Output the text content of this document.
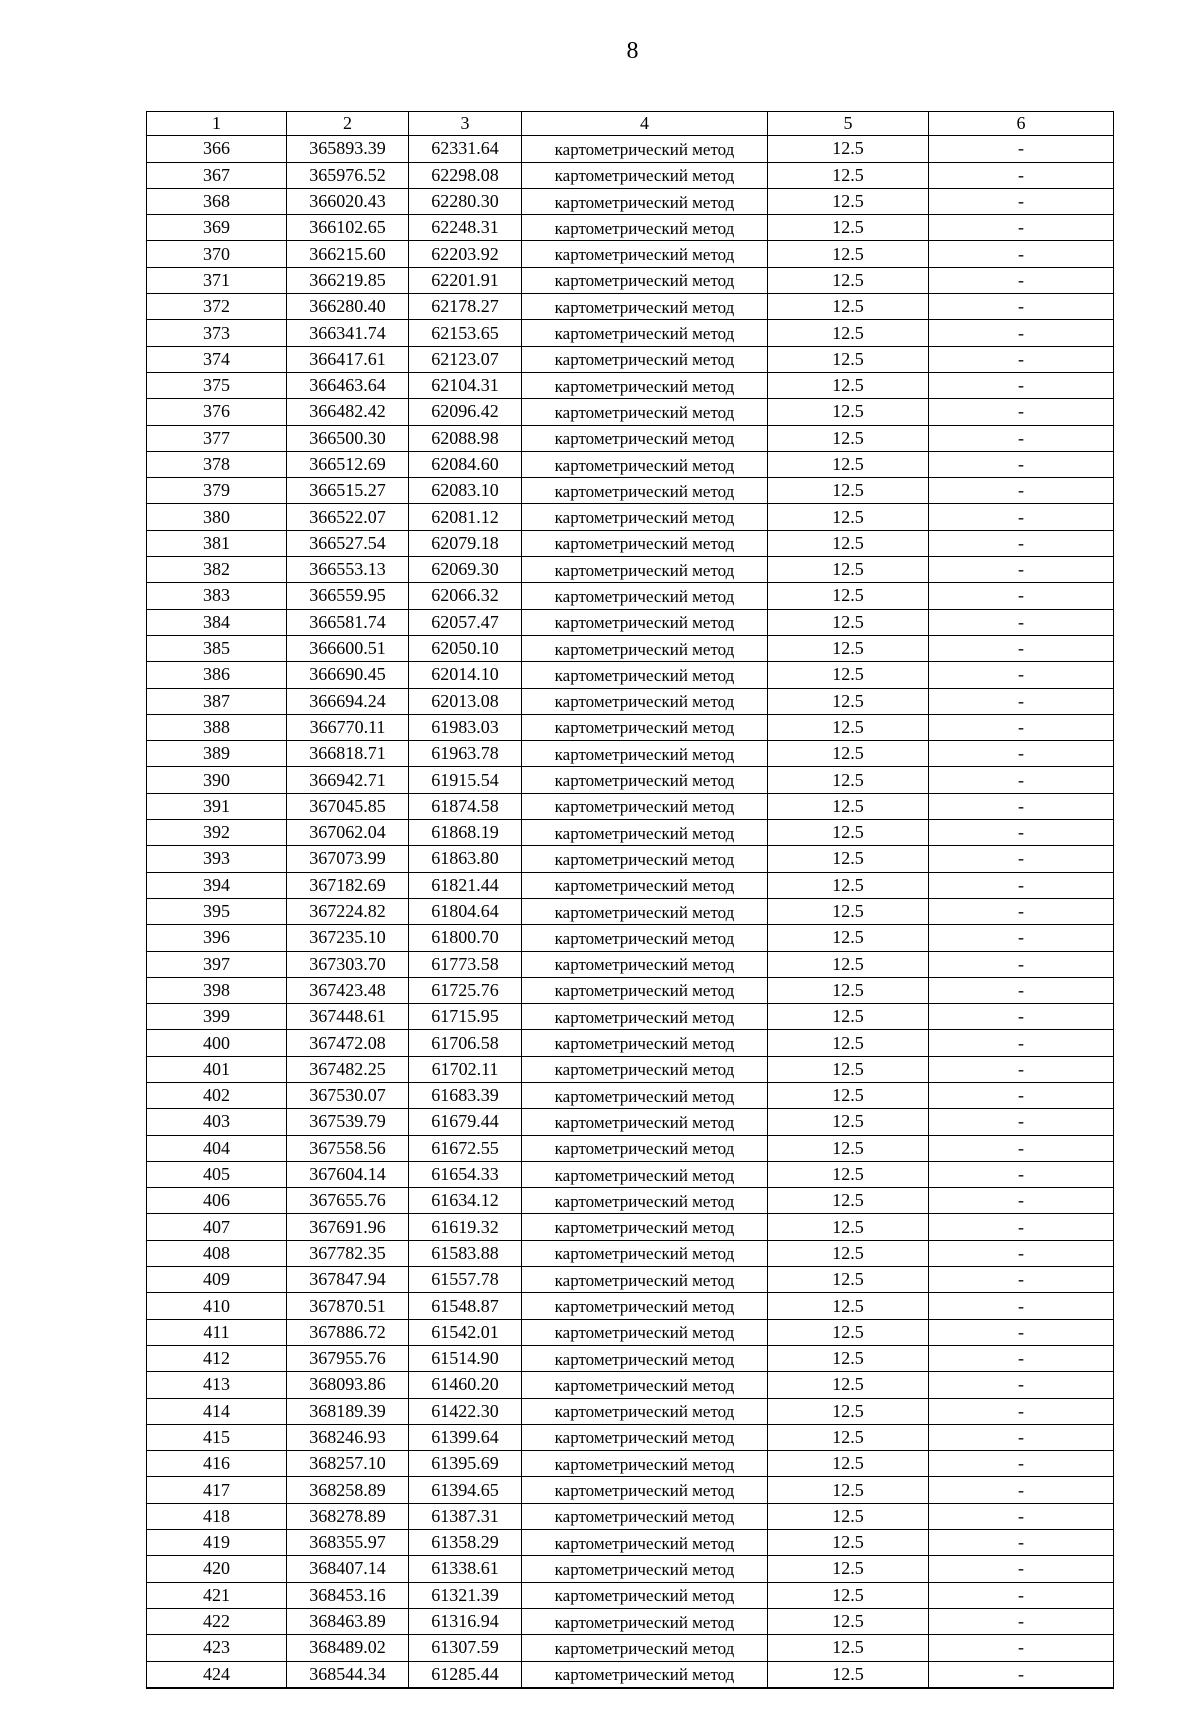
8
1	2	3	4	5	6
366	365893.39	62331.64	картометрический метод	12.5	-
367	365976.52	62298.08	картометрический метод	12.5	-
368	366020.43	62280.30	картометрический метод	12.5	-
369	366102.65	62248.31	картометрический метод	12.5	-
370	366215.60	62203.92	картометрический метод	12.5	-
371	366219.85	62201.91	картометрический метод	12.5	-
372	366280.40	62178.27	картометрический метод	12.5	-
373	366341.74	62153.65	картометрический метод	12.5	-
374	366417.61	62123.07	картометрический метод	12.5	-
375	366463.64	62104.31	картометрический метод	12.5	-
376	366482.42	62096.42	картометрический метод	12.5	-
377	366500.30	62088.98	картометрический метод	12.5	-
378	366512.69	62084.60	картометрический метод	12.5	-
379	366515.27	62083.10	картометрический метод	12.5	-
380	366522.07	62081.12	картометрический метод	12.5	-
381	366527.54	62079.18	картометрический метод	12.5	-
382	366553.13	62069.30	картометрический метод	12.5	-
383	366559.95	62066.32	картометрический метод	12.5	-
384	366581.74	62057.47	картометрический метод	12.5	-
385	366600.51	62050.10	картометрический метод	12.5	-
386	366690.45	62014.10	картометрический метод	12.5	-
387	366694.24	62013.08	картометрический метод	12.5	-
388	366770.11	61983.03	картометрический метод	12.5	-
389	366818.71	61963.78	картометрический метод	12.5	-
390	366942.71	61915.54	картометрический метод	12.5	-
391	367045.85	61874.58	картометрический метод	12.5	-
392	367062.04	61868.19	картометрический метод	12.5	-
393	367073.99	61863.80	картометрический метод	12.5	-
394	367182.69	61821.44	картометрический метод	12.5	-
395	367224.82	61804.64	картометрический метод	12.5	-
396	367235.10	61800.70	картометрический метод	12.5	-
397	367303.70	61773.58	картометрический метод	12.5	-
398	367423.48	61725.76	картометрический метод	12.5	-
399	367448.61	61715.95	картометрический метод	12.5	-
400	367472.08	61706.58	картометрический метод	12.5	-
401	367482.25	61702.11	картометрический метод	12.5	-
402	367530.07	61683.39	картометрический метод	12.5	-
403	367539.79	61679.44	картометрический метод	12.5	-
404	367558.56	61672.55	картометрический метод	12.5	-
405	367604.14	61654.33	картометрический метод	12.5	-
406	367655.76	61634.12	картометрический метод	12.5	-
407	367691.96	61619.32	картометрический метод	12.5	-
408	367782.35	61583.88	картометрический метод	12.5	-
409	367847.94	61557.78	картометрический метод	12.5	-
410	367870.51	61548.87	картометрический метод	12.5	-
411	367886.72	61542.01	картометрический метод	12.5	-
412	367955.76	61514.90	картометрический метод	12.5	-
413	368093.86	61460.20	картометрический метод	12.5	-
414	368189.39	61422.30	картометрический метод	12.5	-
415	368246.93	61399.64	картометрический метод	12.5	-
416	368257.10	61395.69	картометрический метод	12.5	-
417	368258.89	61394.65	картометрический метод	12.5	-
418	368278.89	61387.31	картометрический метод	12.5	-
419	368355.97	61358.29	картометрический метод	12.5	-
420	368407.14	61338.61	картометрический метод	12.5	-
421	368453.16	61321.39	картометрический метод	12.5	-
422	368463.89	61316.94	картометрический метод	12.5	-
423	368489.02	61307.59	картометрический метод	12.5	-
424	368544.34	61285.44	картометрический метод	12.5	-
